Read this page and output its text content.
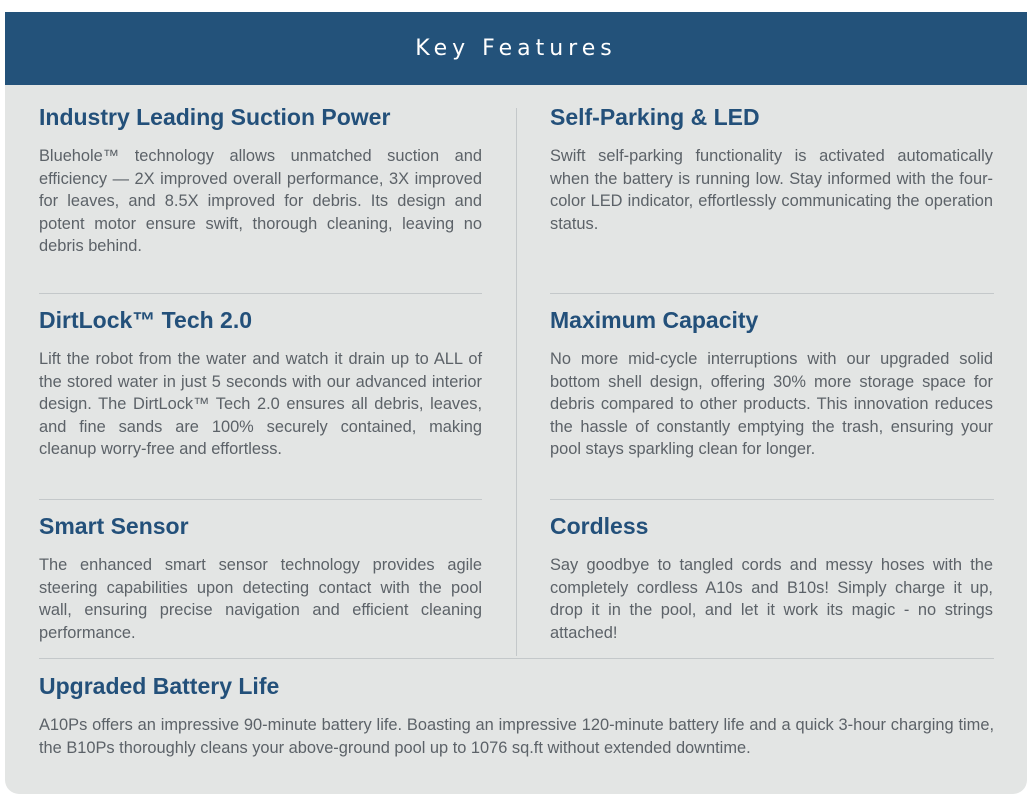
Key Features
Industry Leading Suction Power

Bluehole™ technology allows unmatched suction and efficiency — 2X improved overall performance, 3X improved for leaves, and 8.5X improved for debris. Its design and potent motor ensure swift, thorough cleaning, leaving no debris behind.

Self-Parking & LED

Swift self-parking functionality is activated automatically when the battery is running low. Stay informed with the four-color LED indicator, effortlessly communicating the operation status.

DirtLock™ Tech 2.0

Lift the robot from the water and watch it drain up to ALL of the stored water in just 5 seconds with our advanced interior design. The DirtLock™ Tech 2.0 ensures all debris, leaves, and fine sands are 100% securely contained, making cleanup worry-free and effortless.

Maximum Capacity

No more mid-cycle interruptions with our upgraded solid bottom shell design, offering 30% more storage space for debris compared to other products. This innovation reduces the hassle of constantly emptying the trash, ensuring your pool stays sparkling clean for longer.

Smart Sensor

The enhanced smart sensor technology provides agile steering capabilities upon detecting contact with the pool wall, ensuring precise navigation and efficient cleaning performance.

Cordless

Say goodbye to tangled cords and messy hoses with the completely cordless A10s and B10s! Simply charge it up, drop it in the pool, and let it work its magic - no strings attached!

Upgraded Battery Life

A10Ps offers an impressive 90-minute battery life. Boasting an impressive 120-minute battery life and a quick 3-hour charging time, the B10Ps thoroughly cleans your above-ground pool up to 1076 sq.ft without extended downtime.
